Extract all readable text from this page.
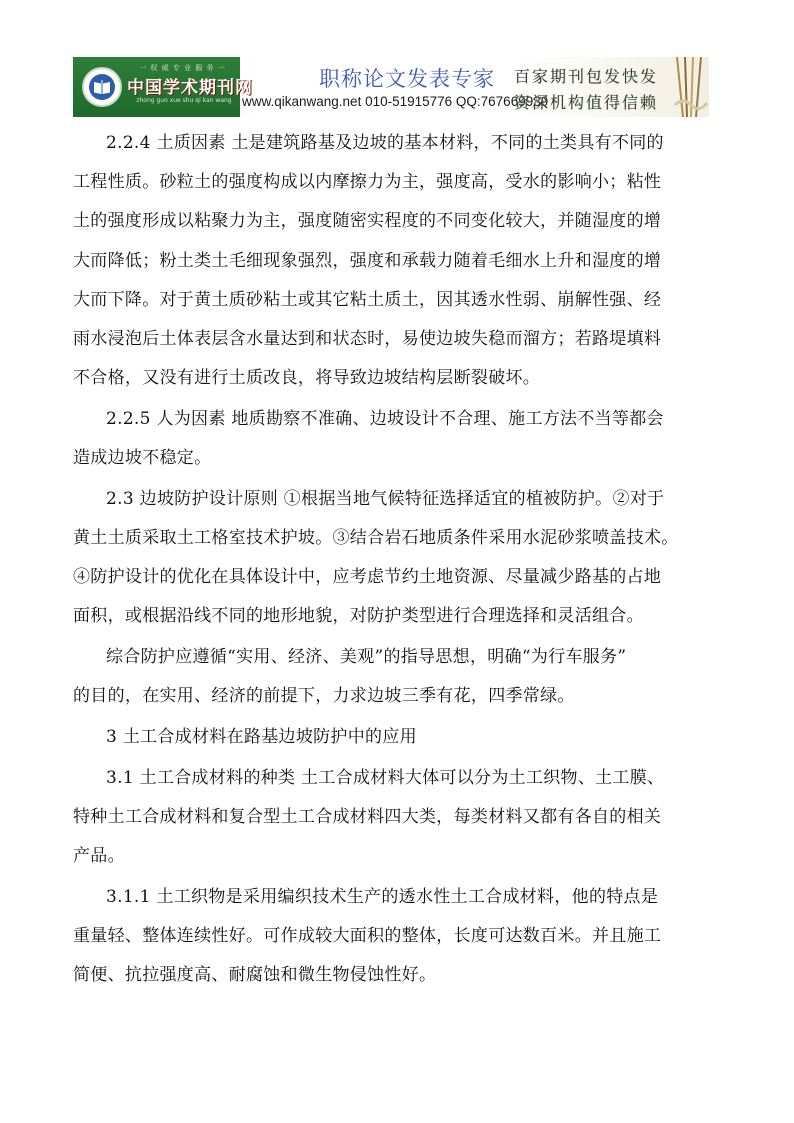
一 权 威 专 业 服 务 一
中国学术期刊网
zhong guo xue shu qi kan wang
职称论文发表专家
www.qikanwang.net 010-51915776 QQ:767669939
百家期刊包发快发
资深机构值得信赖
2.2.4 土质因素 土是建筑路基及边坡的基本材料，不同的土类具有不同的
工程性质。砂粒土的强度构成以内摩擦力为主，强度高，受水的影响小；粘性
土的强度形成以粘聚力为主，强度随密实程度的不同变化较大，并随湿度的增
大而降低；粉土类土毛细现象强烈，强度和承载力随着毛细水上升和湿度的增
大而下降。对于黄土质砂粘土或其它粘土质土，因其透水性弱、崩解性强、经
雨水浸泡后土体表层含水量达到和状态时，易使边坡失稳而溜方；若路堤填料
不合格，又没有进行土质改良，将导致边坡结构层断裂破坏。
2.2.5 人为因素 地质勘察不准确、边坡设计不合理、施工方法不当等都会
造成边坡不稳定。
2.3 边坡防护设计原则 ①根据当地气候特征选择适宜的植被防护。②对于
黄土土质采取土工格室技术护坡。③结合岩石地质条件采用水泥砂浆喷盖技术。
④防护设计的优化在具体设计中，应考虑节约土地资源、尽量减少路基的占地
面积，或根据沿线不同的地形地貌，对防护类型进行合理选择和灵活组合。
综合防护应遵循“实用、经济、美观”的指导思想，明确“为行车服务”
的目的，在实用、经济的前提下，力求边坡三季有花，四季常绿。
3 土工合成材料在路基边坡防护中的应用
3.1 土工合成材料的种类 土工合成材料大体可以分为土工织物、土工膜、
特种土工合成材料和复合型土工合成材料四大类，每类材料又都有各自的相关
产品。
3.1.1 土工织物是采用编织技术生产的透水性土工合成材料，他的特点是
重量轻、整体连续性好。可作成较大面积的整体，长度可达数百米。并且施工
简便、抗拉强度高、耐腐蚀和微生物侵蚀性好。
